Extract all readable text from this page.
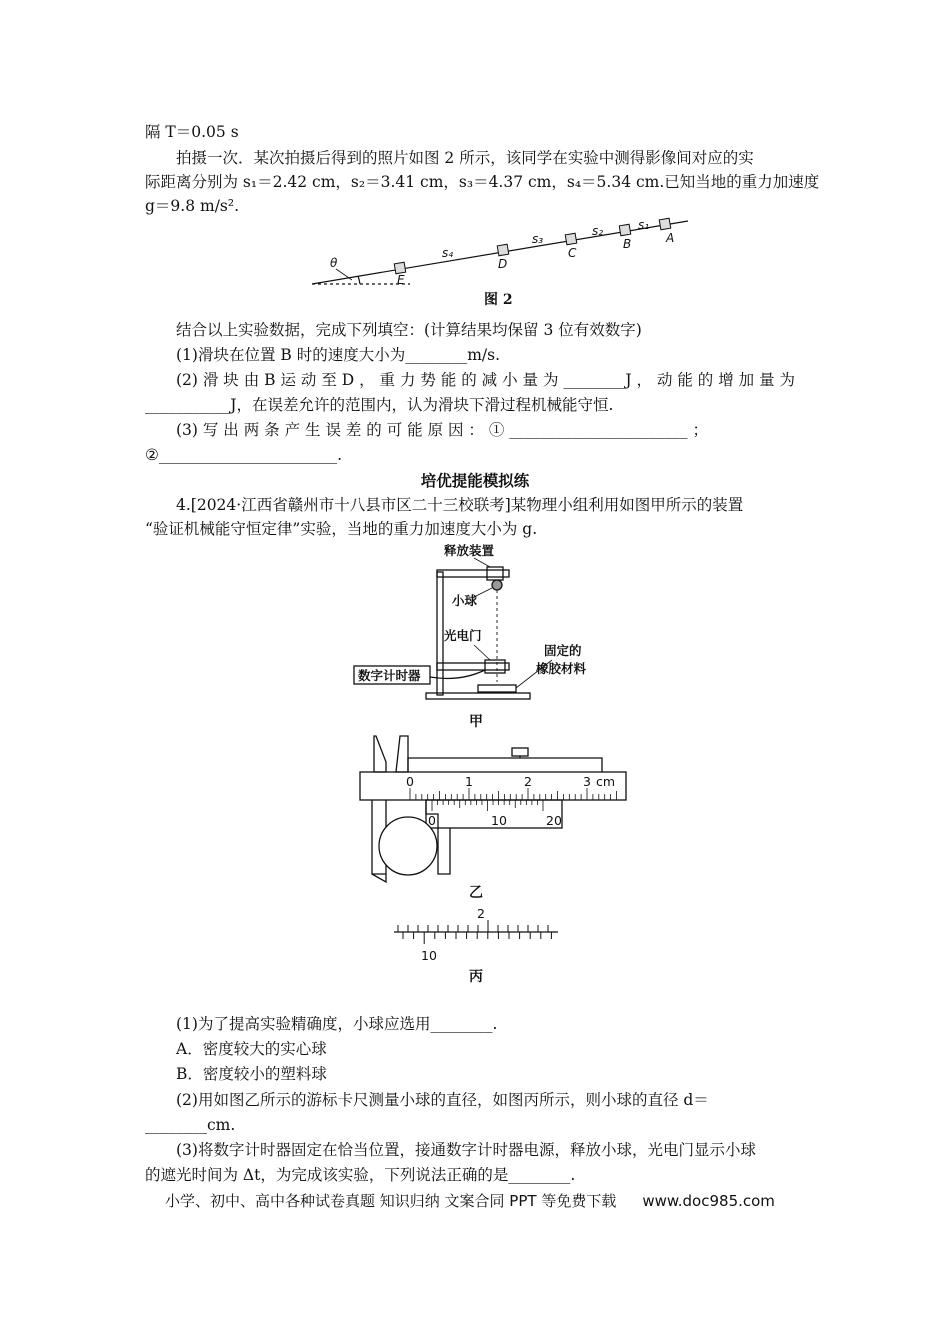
隔 T＝0.05 s
拍摄一次．某次拍摄后得到的照片如图 2 所示，该同学在实验中测得影像间对应的实
际距离分别为 s₁＝2.42 cm，s₂＝3.41 cm，s₃＝4.37 cm，s₄＝5.34 cm.已知当地的重力加速度
g＝9.8 m/s².
θ
A
B
C
D
E
s₁
s₂
s₃
s₄
图 2
结合以上实验数据，完成下列填空：(计算结果均保留 3 位有效数字)
(1)滑块在位置 B 时的速度大小为________m/s.
(2) 滑 块 由 B 运 动 至 D ， 重 力 势 能 的 减 小 量 为 ________J ， 动 能 的 增 加 量 为
___________J，在误差允许的范围内，认为滑块下滑过程机械能守恒.
(3) 写 出 两 条 产 生 误 差 的 可 能 原 因 ： ① _______________________ ；
②_______________________.
培优提能模拟练
4.[2024·江西省赣州市十八县市区二十三校联考]某物理小组利用如图甲所示的装置
“验证机械能守恒定律”实验，当地的重力加速度大小为 g.
释放装置
小球
光电门
数字计时器
固定的
橡胶材料
甲
0	1	2	3 cm
0	10	20
乙
2
10
丙
(1)为了提高实验精确度，小球应选用________.
A．密度较大的实心球
B．密度较小的塑料球
(2)用如图乙所示的游标卡尺测量小球的直径，如图丙所示，则小球的直径 d＝
________cm.
(3)将数字计时器固定在恰当位置，接通数字计时器电源，释放小球，光电门显示小球
的遮光时间为 Δt，为完成该实验，下列说法正确的是________.
小学、初中、高中各种试卷真题 知识归纳 文案合同 PPT 等免费下载 www.doc985.com
